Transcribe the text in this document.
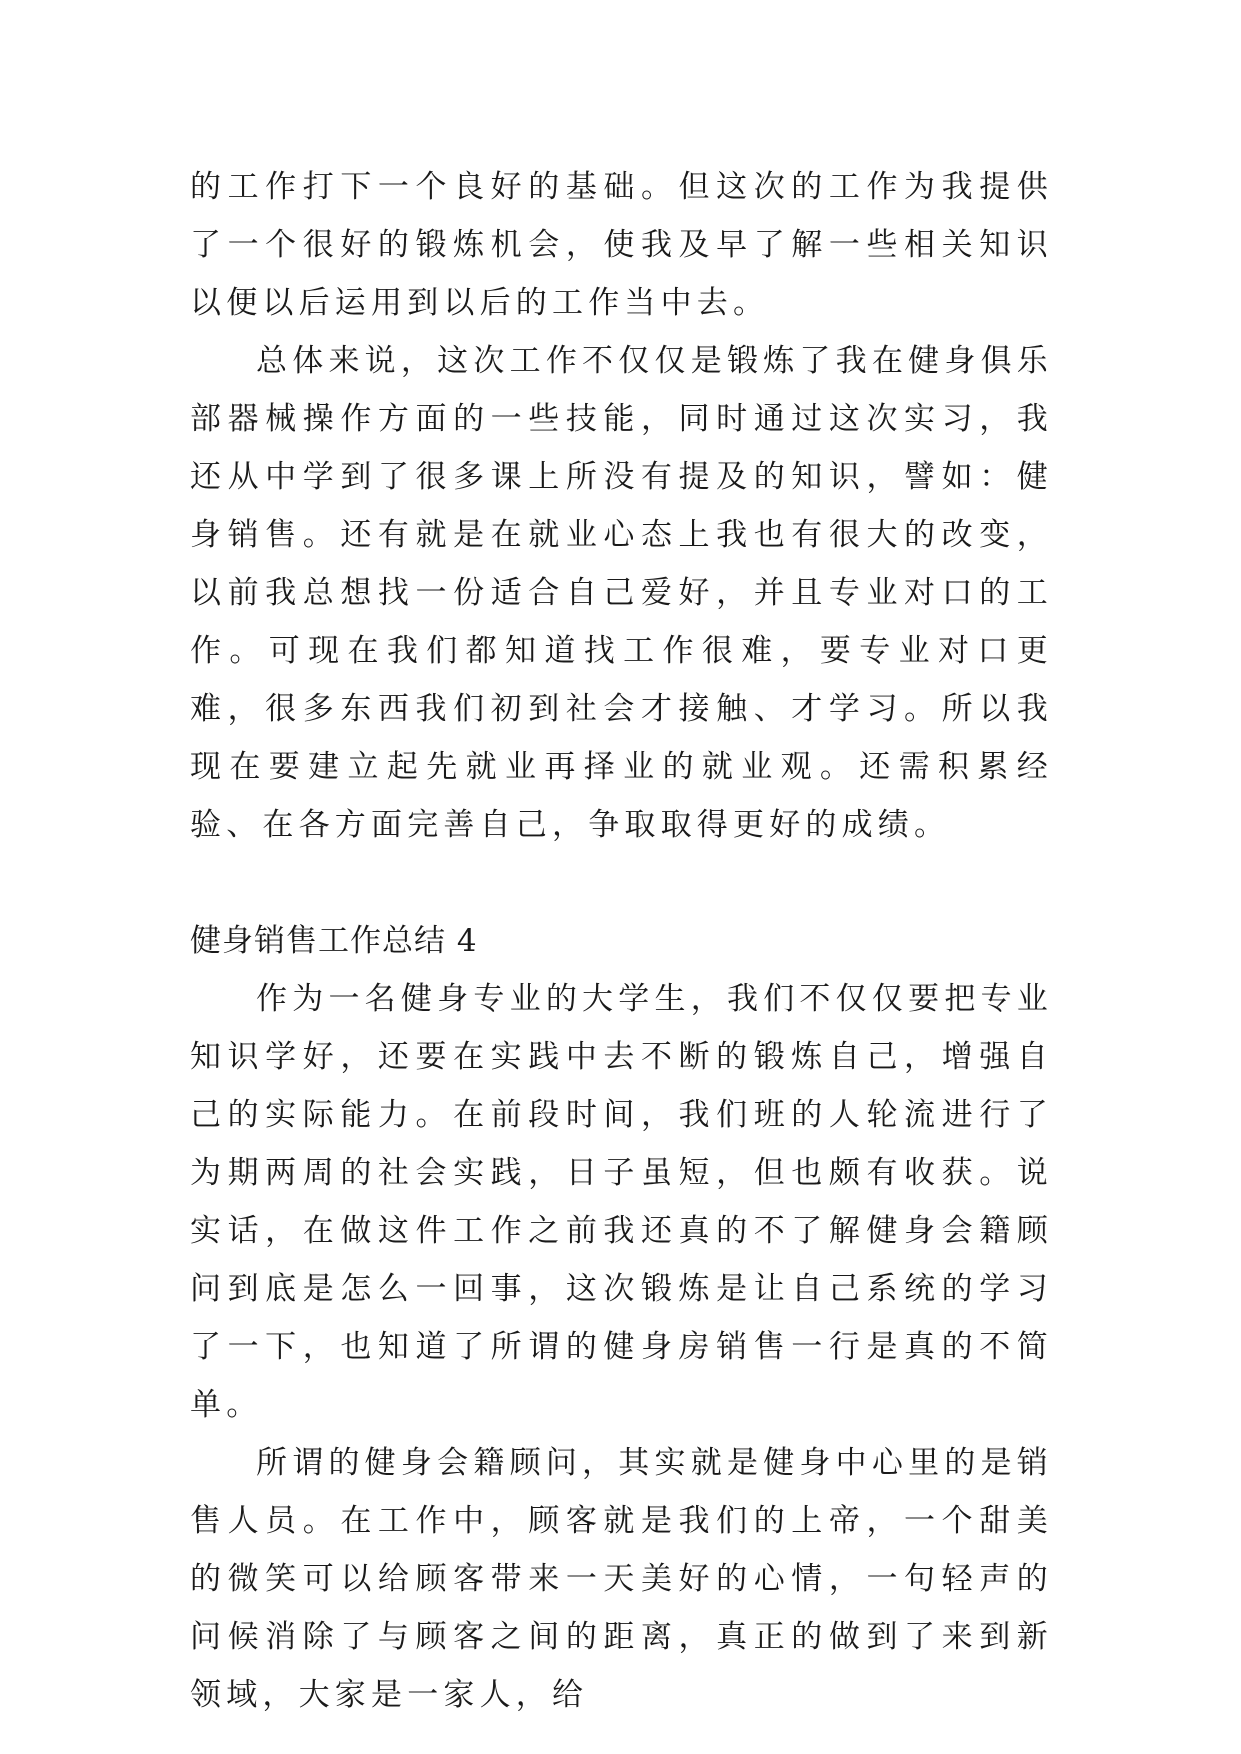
的工作打下一个良好的基础。但这次的工作为我提供了一个很好的锻炼机会，使我及早了解一些相关知识以便以后运用到以后的工作当中去。

总体来说，这次工作不仅仅是锻炼了我在健身俱乐部器械操作方面的一些技能，同时通过这次实习，我还从中学到了很多课上所没有提及的知识，譬如：健身销售。还有就是在就业心态上我也有很大的改变，以前我总想找一份适合自己爱好，并且专业对口的工作。可现在我们都知道找工作很难，要专业对口更难，很多东西我们初到社会才接触、才学习。所以我现在要建立起先就业再择业的就业观。还需积累经验、在各方面完善自己，争取取得更好的成绩。

健身销售工作总结 4

作为一名健身专业的大学生，我们不仅仅要把专业知识学好，还要在实践中去不断的锻炼自己，增强自己的实际能力。在前段时间，我们班的人轮流进行了为期两周的社会实践，日子虽短，但也颇有收获。说实话，在做这件工作之前我还真的不了解健身会籍顾问到底是怎么一回事，这次锻炼是让自己系统的学习了一下，也知道了所谓的健身房销售一行是真的不简单。

所谓的健身会籍顾问，其实就是健身中心里的是销售人员。在工作中，顾客就是我们的上帝，一个甜美的微笑可以给顾客带来一天美好的心情，一句轻声的问候消除了与顾客之间的距离，真正的做到了来到新领域，大家是一家人，给
